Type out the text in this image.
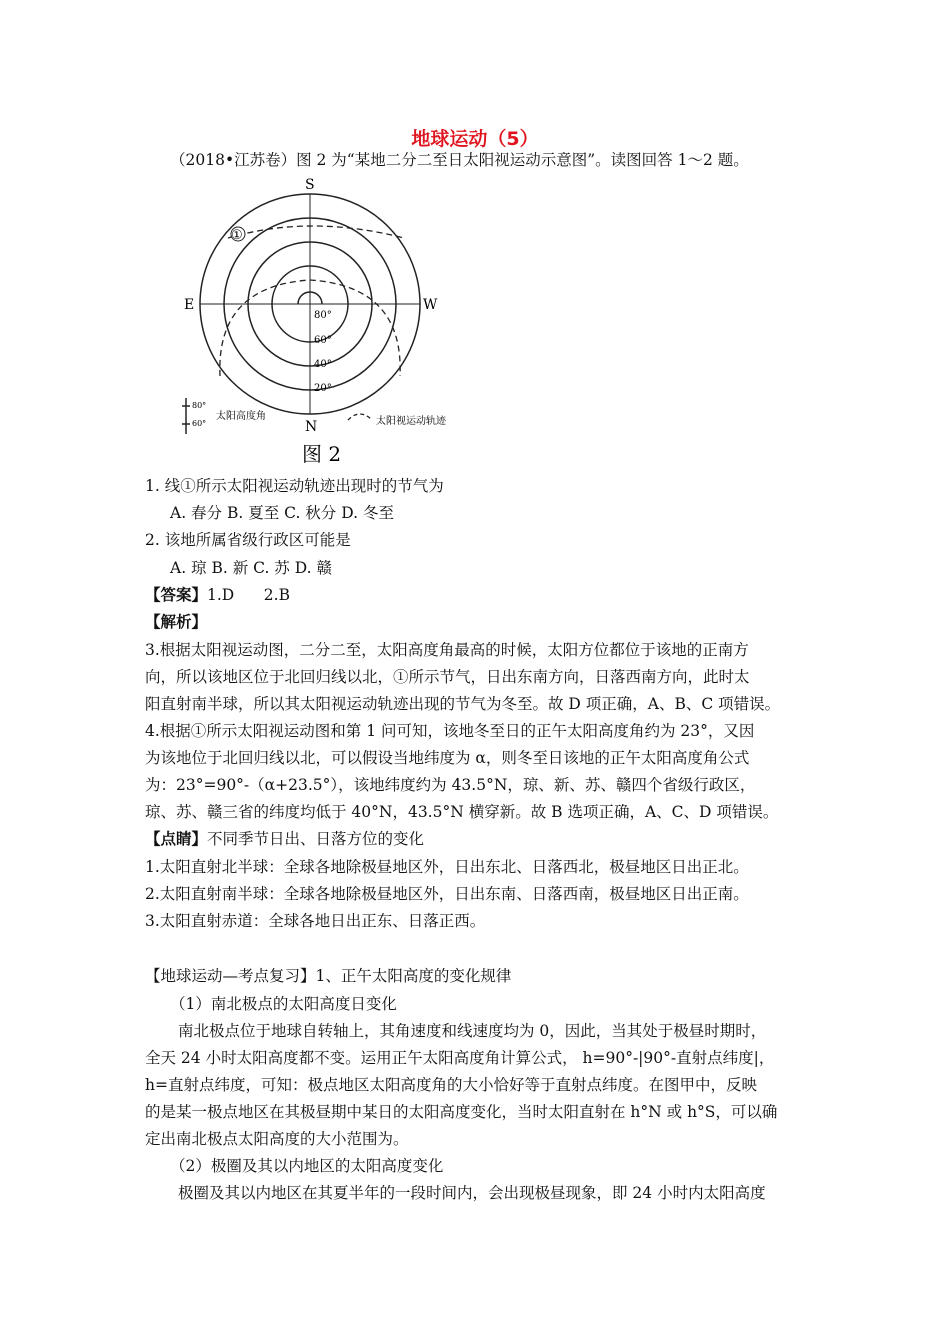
地球运动（5）
（2018•江苏卷）图 2 为“某地二分二至日太阳视运动示意图”。读图回答 1～2 题。
S
N
E	W
①
80°
60°
40°
20°
80°
60°
太阳高度角	太阳视运动轨迹
图 2
1. 线①所示太阳视运动轨迹出现时的节气为
A. 春分 B. 夏至 C. 秋分 D. 冬至
2. 该地所属省级行政区可能是
A. 琼 B. 新 C. 苏 D. 赣
【答案】1.D      2.B
【解析】
3.根据太阳视运动图，二分二至，太阳高度角最高的时候，太阳方位都位于该地的正南方
向，所以该地区位于北回归线以北，①所示节气，日出东南方向，日落西南方向，此时太
阳直射南半球，所以其太阳视运动轨迹出现的节气为冬至。故 D 项正确，A、B、C 项错误。
4.根据①所示太阳视运动图和第 1 问可知，该地冬至日的正午太阳高度角约为 23°，又因
为该地位于北回归线以北，可以假设当地纬度为 α，则冬至日该地的正午太阳高度角公式
为：23°=90°-（α+23.5°），该地纬度约为 43.5°N，琼、新、苏、赣四个省级行政区，
琼、苏、赣三省的纬度均低于 40°N，43.5°N 横穿新。故 B 选项正确，A、C、D 项错误。
【点睛】不同季节日出、日落方位的变化
1.太阳直射北半球：全球各地除极昼地区外，日出东北、日落西北，极昼地区日出正北。
2.太阳直射南半球：全球各地除极昼地区外，日出东南、日落西南，极昼地区日出正南。
3.太阳直射赤道：全球各地日出正东、日落正西。
【地球运动—考点复习】1、正午太阳高度的变化规律
（1）南北极点的太阳高度日变化
南北极点位于地球自转轴上，其角速度和线速度均为 0，因此，当其处于极昼时期时，
全天 24 小时太阳高度都不变。运用正午太阳高度角计算公式， h=90°-|90°-直射点纬度|，
h=直射点纬度，可知：极点地区太阳高度角的大小恰好等于直射点纬度。在图甲中，反映
的是某一极点地区在其极昼期中某日的太阳高度变化，当时太阳直射在 h°N 或 h°S，可以确
定出南北极点太阳高度的大小范围为。
（2）极圈及其以内地区的太阳高度变化
极圈及其以内地区在其夏半年的一段时间内，会出现极昼现象，即 24 小时内太阳高度
